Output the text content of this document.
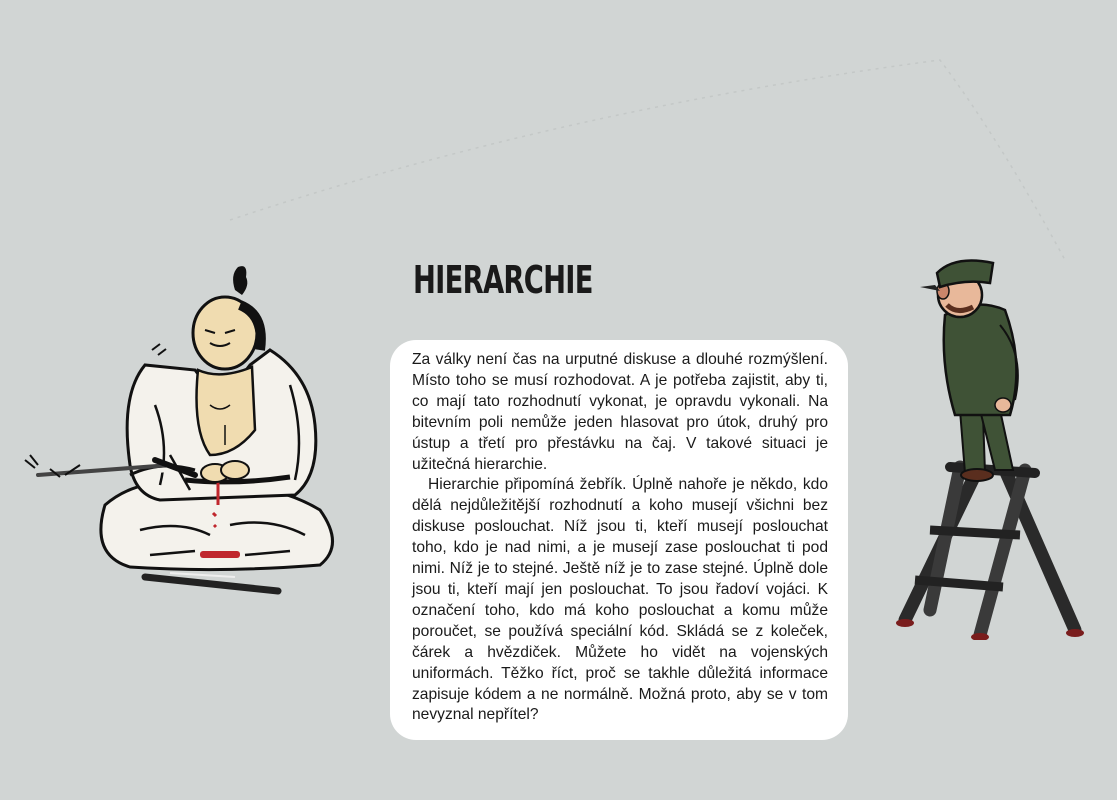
HIERARCHIE

Za války není čas na urputné diskuse a dlouhé rozmýšlení. Místo toho se musí rozhodovat. A je potřeba zajistit, aby ti, co mají tato rozhodnutí vykonat, je opravdu vykonali. Na bitevním poli nemůže jeden hlasovat pro útok, druhý pro ústup a třetí pro přestávku na čaj. V takové situaci je užitečná hierarchie.

Hierarchie připomíná žebřík. Úplně nahoře je někdo, kdo dělá nejdůležitější rozhodnutí a koho musejí všichni bez diskuse poslouchat. Níž jsou ti, kteří musejí poslouchat toho, kdo je nad nimi, a je musejí zase poslouchat ti pod nimi. Níž je to stejné. Ještě níž je to zase stejné. Úplně dole jsou ti, kteří mají jen poslouchat. To jsou řadoví vojáci. K označení toho, kdo má koho poslouchat a komu může poroučet, se používá speciální kód. Skládá se z koleček, čárek a hvězdiček. Můžete ho vidět na vojenských uniformách. Těžko říct, proč se takhle důležitá informace zapisuje kódem a ne normálně. Možná proto, aby se v tom nevyznal nepřítel?
